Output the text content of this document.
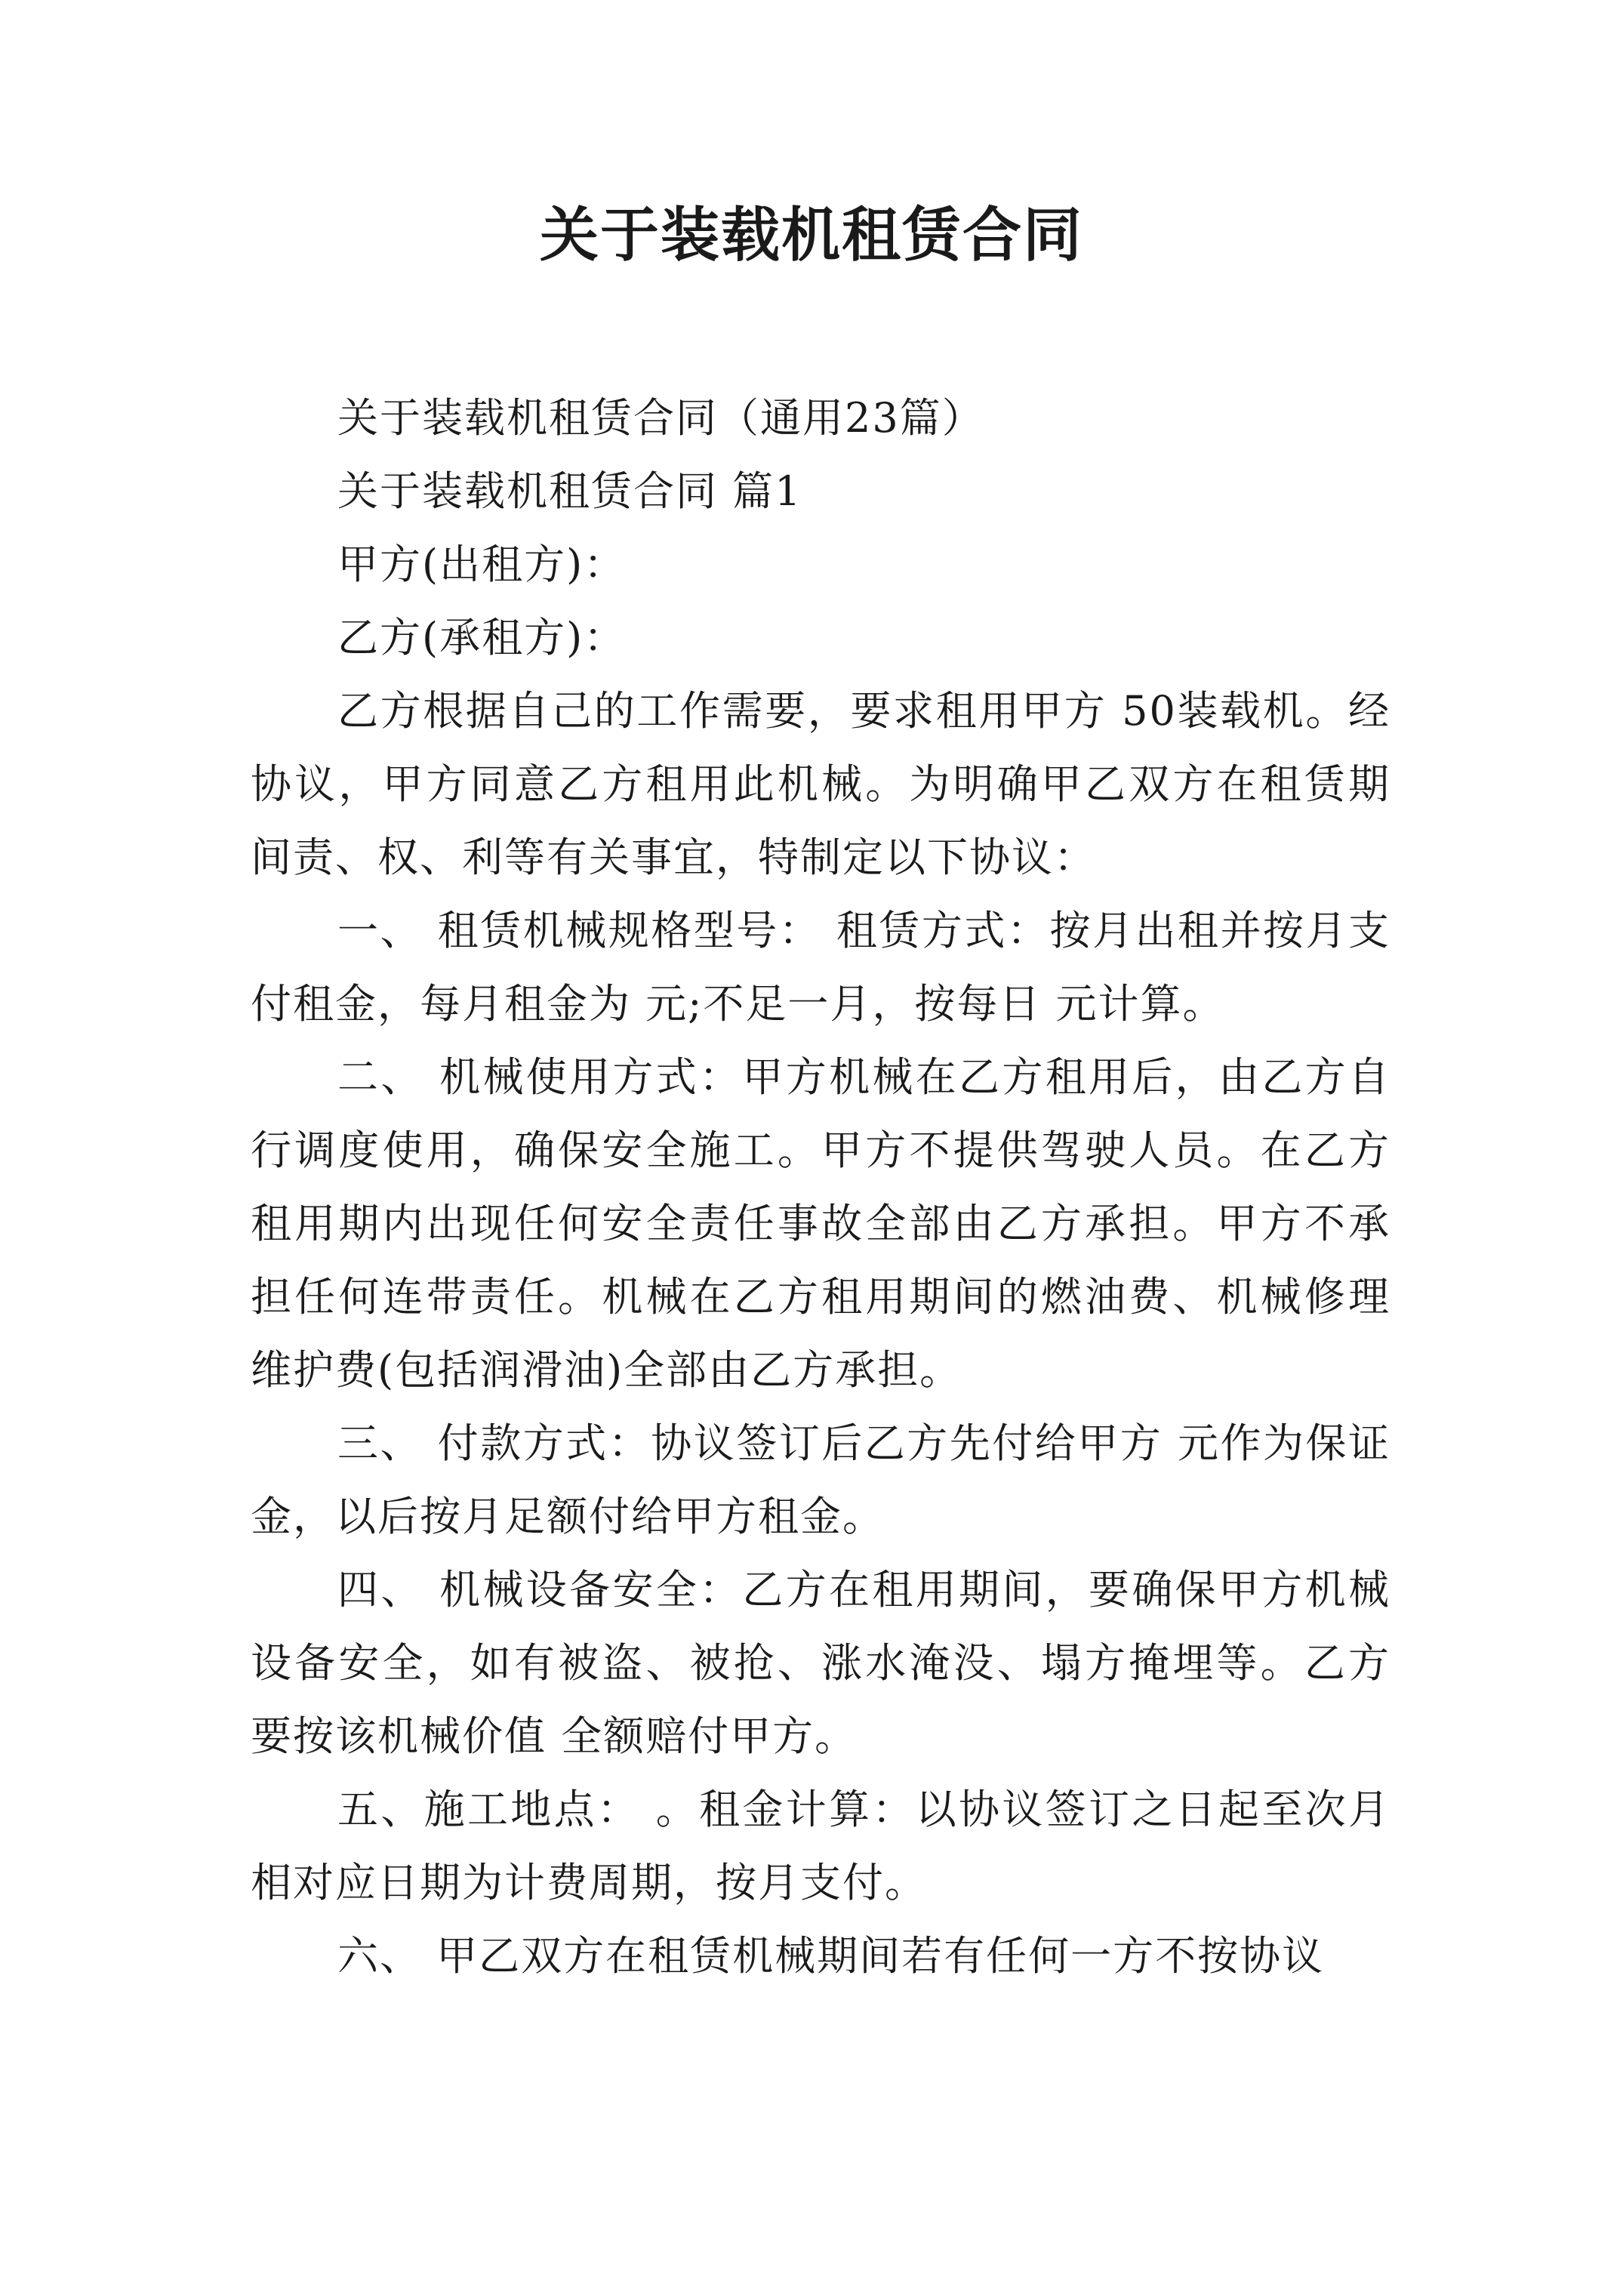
关于装载机租赁合同

关于装载机租赁合同（通用23篇）

关于装载机租赁合同 篇1

甲方(出租方)：

乙方(承租方)：

乙方根据自己的工作需要，要求租用甲方 50装载机。经协议，甲方同意乙方租用此机械。为明确甲乙双方在租赁期间责、权、利等有关事宜，特制定以下协议：

一、 租赁机械规格型号： 租赁方式：按月出租并按月支付租金，每月租金为 元;不足一月，按每日 元计算。

二、 机械使用方式：甲方机械在乙方租用后，由乙方自行调度使用，确保安全施工。甲方不提供驾驶人员。在乙方租用期内出现任何安全责任事故全部由乙方承担。甲方不承担任何连带责任。机械在乙方租用期间的燃油费、机械修理维护费(包括润滑油)全部由乙方承担。

三、 付款方式：协议签订后乙方先付给甲方 元作为保证金，以后按月足额付给甲方租金。

四、 机械设备安全：乙方在租用期间，要确保甲方机械设备安全，如有被盗、被抢、涨水淹没、塌方掩埋等。乙方要按该机械价值 全额赔付甲方。

五、施工地点： 。租金计算：以协议签订之日起至次月相对应日期为计费周期，按月支付。

六、 甲乙双方在租赁机械期间若有任何一方不按协议
